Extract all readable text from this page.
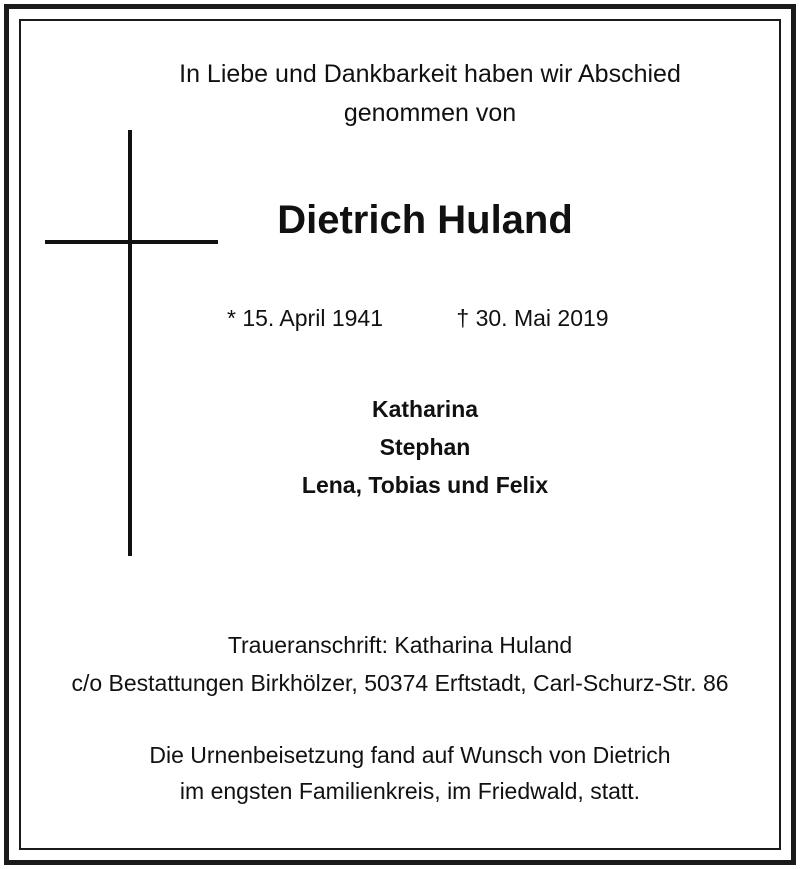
In Liebe und Dankbarkeit haben wir Abschied
genommen von
Dietrich Huland
* 15. April 1941	† 30. Mai 2019
Katharina
Stephan
Lena, Tobias und Felix
Traueranschrift: Katharina Huland
c/o Bestattungen Birkhölzer, 50374 Erftstadt, Carl-Schurz-Str. 86
Die Urnenbeisetzung fand auf Wunsch von Dietrich
im engsten Familienkreis, im Friedwald, statt.
